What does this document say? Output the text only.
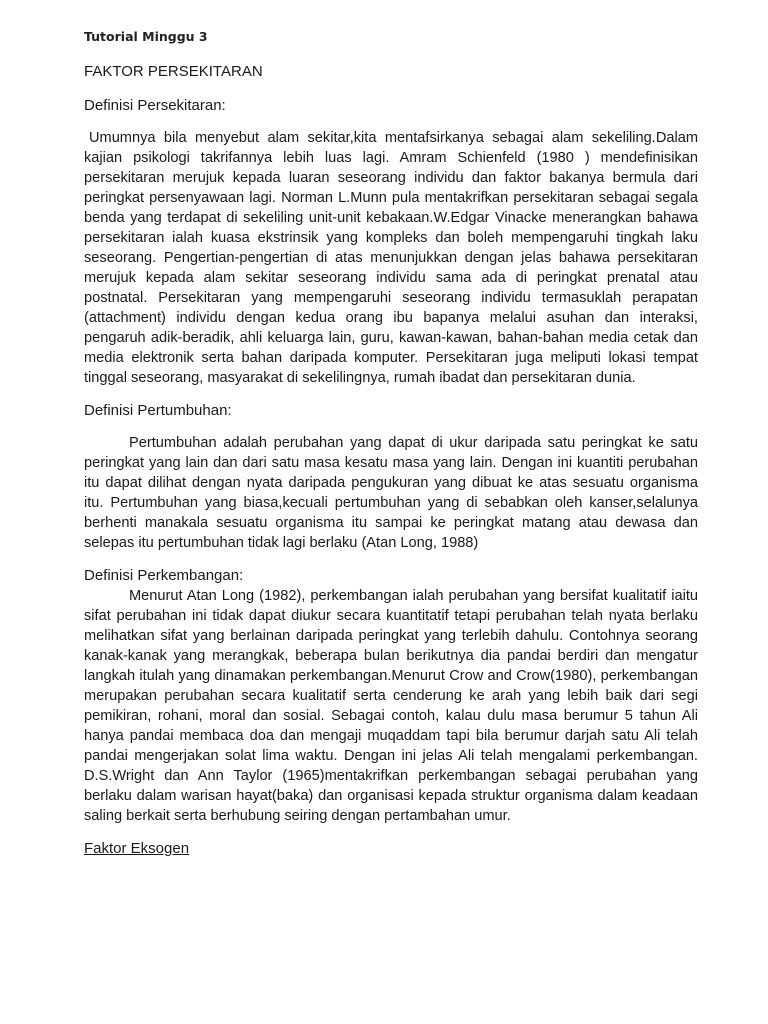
Tutorial Minggu 3
FAKTOR PERSEKITARAN
Definisi Persekitaran:

Umumnya bila menyebut alam sekitar,kita mentafsirkanya sebagai alam sekeliling.Dalam kajian psikologi takrifannya lebih luas lagi. Amram Schienfeld (1980 ) mendefinisikan persekitaran merujuk kepada luaran seseorang individu dan faktor bakanya bermula dari peringkat persenyawaan lagi. Norman L.Munn pula mentakrifkan persekitaran sebagai segala benda yang terdapat di sekeliling unit-unit kebakaan.W.Edgar Vinacke menerangkan bahawa persekitaran ialah kuasa ekstrinsik yang kompleks dan boleh mempengaruhi tingkah laku seseorang. Pengertian-pengertian di atas menunjukkan dengan jelas bahawa persekitaran merujuk kepada alam sekitar seseorang individu sama ada di peringkat prenatal atau postnatal. Persekitaran yang mempengaruhi seseorang individu termasuklah perapatan (attachment) individu dengan kedua orang ibu bapanya melalui asuhan dan interaksi, pengaruh adik-beradik, ahli keluarga lain, guru, kawan-kawan, bahan-bahan media cetak dan media elektronik serta bahan daripada komputer. Persekitaran juga meliputi lokasi tempat tinggal seseorang, masyarakat di sekelilingnya, rumah ibadat dan persekitaran dunia.

Definisi Pertumbuhan:

Pertumbuhan adalah perubahan yang dapat di ukur daripada satu peringkat ke satu peringkat yang lain dan dari satu masa kesatu masa yang lain. Dengan ini kuantiti perubahan itu dapat dilihat dengan nyata daripada pengukuran yang dibuat ke atas sesuatu organisma itu. Pertumbuhan yang biasa,kecuali pertumbuhan yang di sebabkan oleh kanser,selalunya berhenti manakala sesuatu organisma itu sampai ke peringkat matang atau dewasa dan selepas itu pertumbuhan tidak lagi berlaku (Atan Long, 1988)

Definisi Perkembangan:

Menurut Atan Long (1982), perkembangan ialah perubahan yang bersifat kualitatif iaitu sifat perubahan ini tidak dapat diukur secara kuantitatif tetapi perubahan telah nyata berlaku melihatkan sifat yang berlainan daripada peringkat yang terlebih dahulu. Contohnya seorang kanak-kanak yang merangkak, beberapa bulan berikutnya dia pandai berdiri dan mengatur langkah itulah yang dinamakan perkembangan.Menurut Crow and Crow(1980), perkembangan merupakan perubahan secara kualitatif serta cenderung ke arah yang lebih baik dari segi pemikiran, rohani, moral dan sosial. Sebagai contoh, kalau dulu masa berumur 5 tahun Ali hanya pandai membaca doa dan mengaji muqaddam tapi bila berumur darjah satu Ali telah pandai mengerjakan solat lima waktu. Dengan ini jelas Ali telah mengalami perkembangan. D.S.Wright dan Ann Taylor (1965)mentakrifkan perkembangan sebagai perubahan yang berlaku dalam warisan hayat(baka) dan organisasi kepada struktur organisma dalam keadaan saling berkait serta berhubung seiring dengan pertambahan umur.

Faktor Eksogen
